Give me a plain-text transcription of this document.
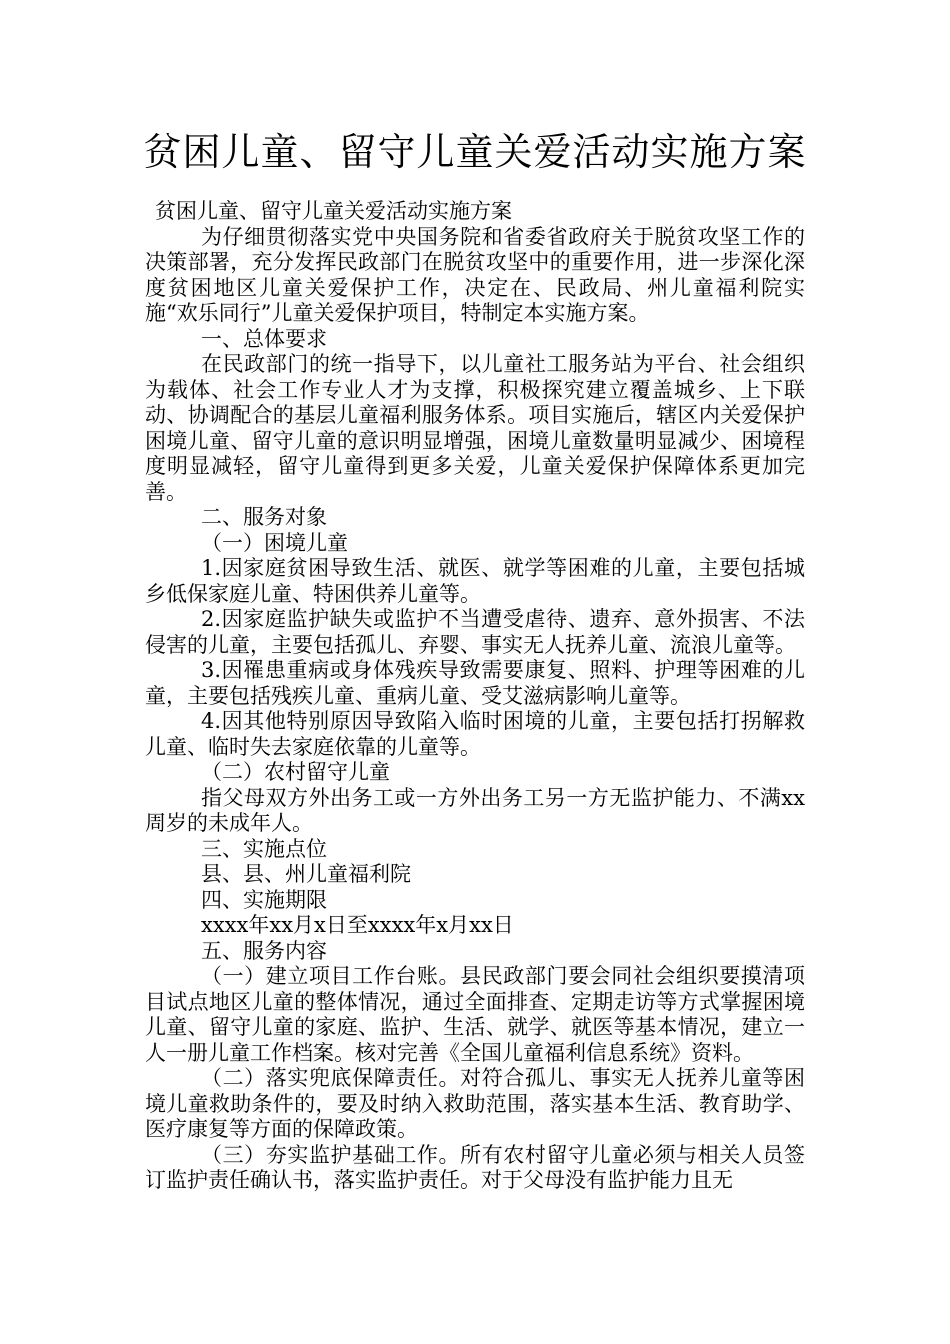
贫困儿童、留守儿童关爱活动实施方案

贫困儿童、留守儿童关爱活动实施方案

为仔细贯彻落实党中央国务院和省委省政府关于脱贫攻坚工作的决策部署，充分发挥民政部门在脱贫攻坚中的重要作用，进一步深化深度贫困地区儿童关爱保护工作，决定在、民政局、州儿童福利院实施“欢乐同行”儿童关爱保护项目，特制定本实施方案。

一、总体要求

在民政部门的统一指导下，以儿童社工服务站为平台、社会组织为载体、社会工作专业人才为支撑，积极探究建立覆盖城乡、上下联动、协调配合的基层儿童福利服务体系。项目实施后，辖区内关爱保护困境儿童、留守儿童的意识明显增强，困境儿童数量明显减少、困境程度明显减轻，留守儿童得到更多关爱，儿童关爱保护保障体系更加完善。

二、服务对象

（一）困境儿童

1.因家庭贫困导致生活、就医、就学等困难的儿童，主要包括城乡低保家庭儿童、特困供养儿童等。

2.因家庭监护缺失或监护不当遭受虐待、遗弃、意外损害、不法侵害的儿童，主要包括孤儿、弃婴、事实无人抚养儿童、流浪儿童等。

3.因罹患重病或身体残疾导致需要康复、照料、护理等困难的儿童，主要包括残疾儿童、重病儿童、受艾滋病影响儿童等。

4.因其他特别原因导致陷入临时困境的儿童，主要包括打拐解救儿童、临时失去家庭依靠的儿童等。

（二）农村留守儿童

指父母双方外出务工或一方外出务工另一方无监护能力、不满xx周岁的未成年人。

三、实施点位

县、县、州儿童福利院

四、实施期限

xxxx年xx月x日至xxxx年x月xx日

五、服务内容

（一）建立项目工作台账。县民政部门要会同社会组织要摸清项目试点地区儿童的整体情况，通过全面排查、定期走访等方式掌握困境儿童、留守儿童的家庭、监护、生活、就学、就医等基本情况，建立一人一册儿童工作档案。核对完善《全国儿童福利信息系统》资料。

（二）落实兜底保障责任。对符合孤儿、事实无人抚养儿童等困境儿童救助条件的，要及时纳入救助范围，落实基本生活、教育助学、医疗康复等方面的保障政策。

（三）夯实监护基础工作。所有农村留守儿童必须与相关人员签订监护责任确认书，落实监护责任。对于父母没有监护能力且无
